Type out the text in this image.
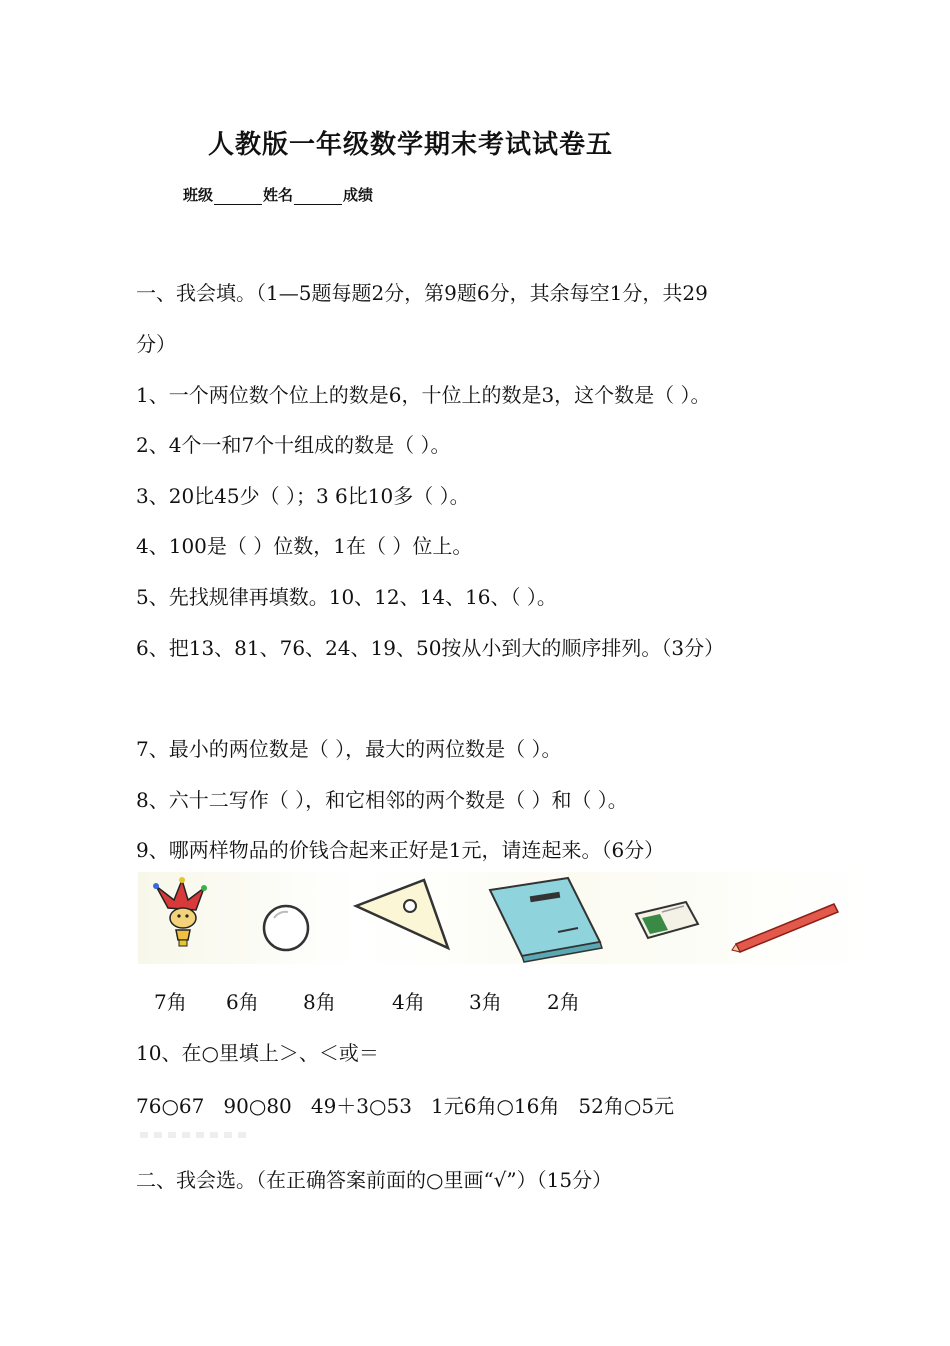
人教版一年级数学期末考试试卷五
班级	姓名	成绩
一、我会填。（1—5题每题2分，第9题6分，其余每空1分，共29
分）
1、一个两位数个位上的数是6，十位上的数是3，这个数是（ ）。
2、4个一和7个十组成的数是（ ）。
3、20比45少（ ）；3 6比10多（ ）。
4、100是（ ）位数，1在（ ）位上。
5、先找规律再填数。10、12、14、16、（ ）。
6、把13、81、76、24、19、50按从小到大的顺序排列。（3分）
7、最小的两位数是（ ），最大的两位数是（ ）。
8、六十二写作（ ），和它相邻的两个数是（ ）和（ ）。
9、哪两样物品的价钱合起来正好是1元，请连起来。（6分）
7角 6角 8角	4角 3角 2角
10、在○里填上＞、＜或＝
76○67   90○80   49＋3○53   1元6角○16角   52角○5元
二、我会选。（在正确答案前面的○里画“√”）（15分）
